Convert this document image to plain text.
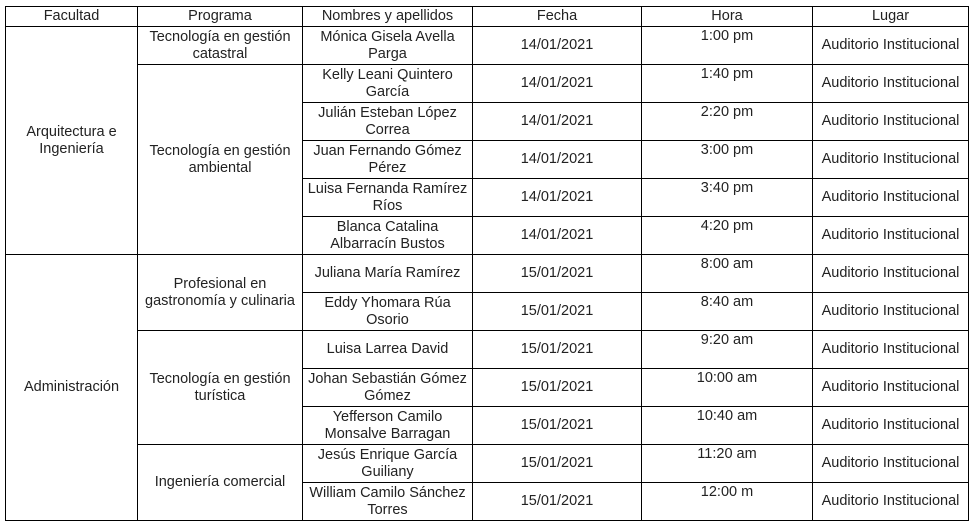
Facultad	Programa	Nombres y apellidos	Fecha	Hora	Lugar
Arquitectura e Ingeniería	Tecnología en gestión catastral	Mónica Gisela Avella Parga	14/01/2021	1:00 pm	Auditorio Institucional
	Tecnología en gestión ambiental	Kelly Leani Quintero García	14/01/2021	1:40 pm	Auditorio Institucional
		Julián Esteban López Correa	14/01/2021	2:20 pm	Auditorio Institucional
		Juan Fernando Gómez Pérez	14/01/2021	3:00 pm	Auditorio Institucional
		Luisa Fernanda Ramírez Ríos	14/01/2021	3:40 pm	Auditorio Institucional
		Blanca Catalina Albarracín Bustos	14/01/2021	4:20 pm	Auditorio Institucional
Administración	Profesional en gastronomía y culinaria	Juliana María Ramírez	15/01/2021	8:00 am	Auditorio Institucional
		Eddy Yhomara Rúa Osorio	15/01/2021	8:40 am	Auditorio Institucional
	Tecnología en gestión turística	Luisa Larrea David	15/01/2021	9:20 am	Auditorio Institucional
		Johan Sebastián Gómez Gómez	15/01/2021	10:00 am	Auditorio Institucional
		Yefferson Camilo Monsalve Barragan	15/01/2021	10:40 am	Auditorio Institucional
	Ingeniería comercial	Jesús Enrique García Guiliany	15/01/2021	11:20 am	Auditorio Institucional
		William Camilo Sánchez Torres	15/01/2021	12:00 m	Auditorio Institucional
